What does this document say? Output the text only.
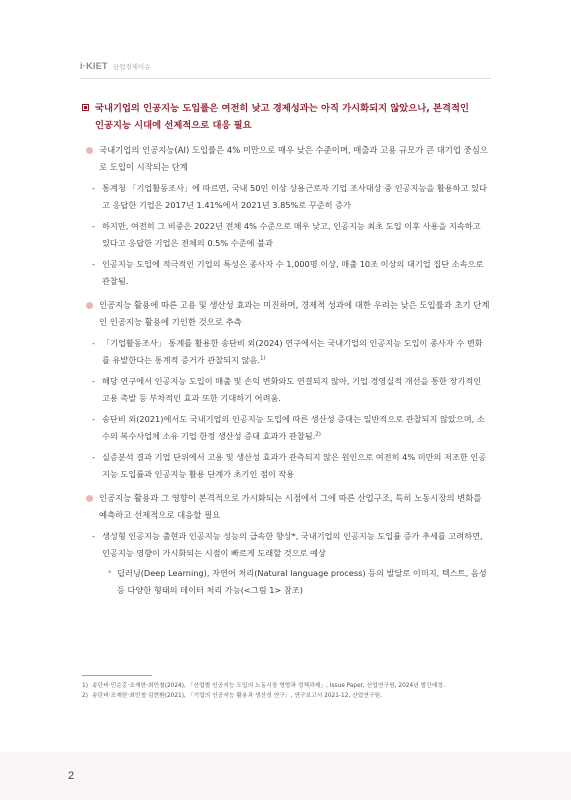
i·KIET 산업경제이슈
국내기업의 인공지능 도입률은 여전히 낮고 경제성과는 아직 가시화되지 않았으나, 본격적인
인공지능 시대에 선제적으로 대응 필요
국내기업의 인공지능(AI) 도입률은 4% 미만으로 매우 낮은 수준이며, 매출과 고용 규모가 큰 대기업 중심으로 도입이 시작되는 단계
- 통계청 「기업활동조사」에 따르면, 국내 50인 이상 상용근로자 기업 조사대상 중 인공지능을 활용하고 있다고 응답한 기업은 2017년 1.41%에서 2021년 3.85%로 꾸준히 증가
- 하지만, 여전히 그 비중은 2022년 전체 4% 수준으로 매우 낮고, 인공지능 최초 도입 이후 사용을 지속하고 있다고 응답한 기업은 전체의 0.5% 수준에 불과
- 인공지능 도입에 적극적인 기업의 특성은 종사자 수 1,000명 이상, 매출 10조 이상의 대기업 집단 소속으로 관찰됨.
인공지능 활용에 따른 고용 및 생산성 효과는 미진하며, 경제적 성과에 대한 우려는 낮은 도입률과 초기 단계인 인공지능 활용에 기인한 것으로 추측
- 「기업활동조사」 통계를 활용한 송단비 외(2024) 연구에서는 국내기업의 인공지능 도입이 종사자 수 변화를 유발한다는 통계적 증거가 관찰되지 않음.$^{1)}$
- 해당 연구에서 인공지능 도입이 매출 및 손익 변화와도 연결되지 않아, 기업 경영실적 개선을 통한 장기적인 고용 촉발 등 부차적인 효과 또한 기대하기 어려움.
- 송단비 외(2021)에서도 국내기업의 인공지능 도입에 따른 생산성 증대는 일반적으로 관찰되지 않았으며, 소수의 복수사업체 소유 기업 한정 생산성 증대 효과가 관찰됨.$^{2)}$
- 실증분석 결과 기업 단위에서 고용 및 생산성 효과가 관측되지 않은 원인으로 여전히 4% 미만의 저조한 인공지능 도입률과 인공지능 활용 단계가 초기인 점이 작용
인공지능 활용과 그 영향이 본격적으로 가시화되는 시점에서 그에 따른 산업구조, 특히 노동시장의 변화를 예측하고 선제적으로 대응할 필요
- 생성형 인공지능 출현과 인공지능 성능의 급속한 향상*, 국내기업의 인공지능 도입률 증가 추세를 고려하면, 인공지능 영향이 가시화되는 시점이 빠르게 도래할 것으로 예상
* 딥러닝(Deep Learning), 자연어 처리(Natural language process) 등의 발달로 이미지, 텍스트, 음성 등 다양한 형태의 데이터 처리 가능(<그림 1> 참조)
1) 송단비·민순홍·조재한·최민철(2024), 「산업별 인공지능 도입의 노동시장 영향과 정책과제」, Issue Paper, 산업연구원, 2024년 발간예정.
2) 송단비·조재한·최민철·김현환(2021), 「기업의 인공지능 활용과 생산성 연구」, 연구보고서 2021-12, 산업연구원.
2
